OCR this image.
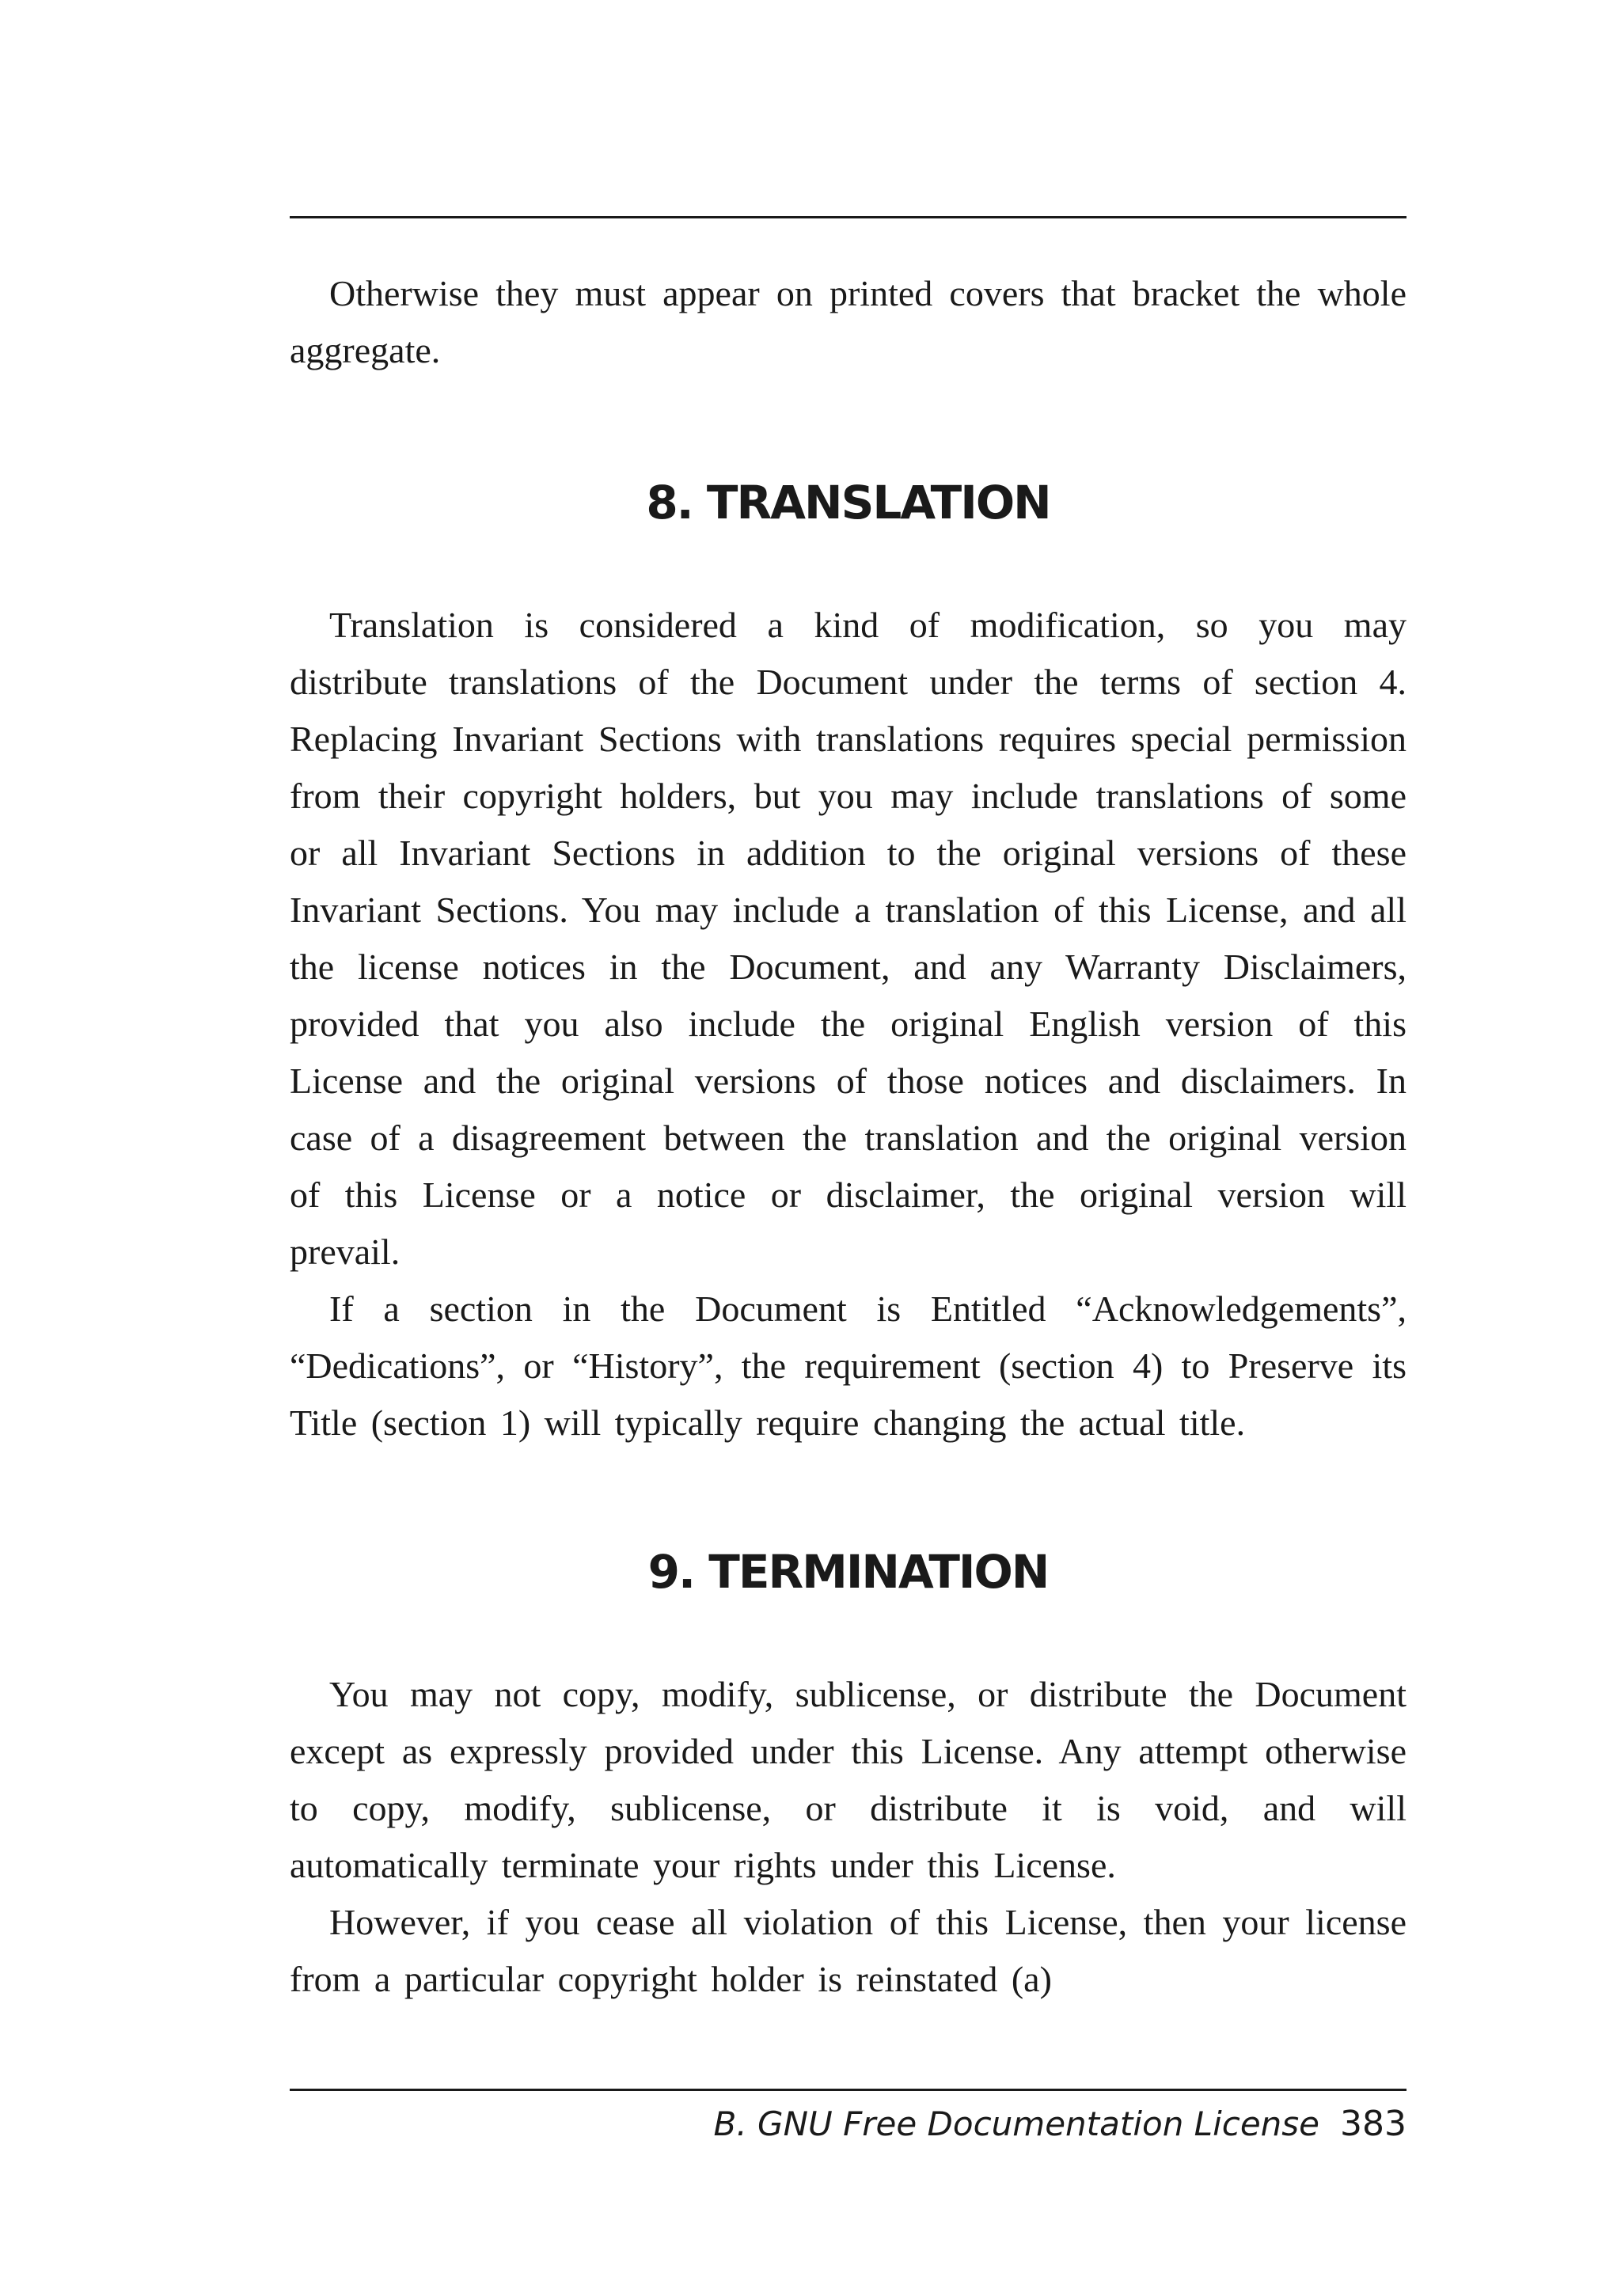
Otherwise they must appear on printed covers that bracket the whole aggregate.

8. TRANSLATION

Translation is considered a kind of modification, so you may distribute translations of the Document under the terms of section 4. Replacing Invariant Sections with translations requires special permission from their copyright holders, but you may include translations of some or all Invariant Sections in addition to the original versions of these Invariant Sections. You may include a translation of this License, and all the license notices in the Document, and any Warranty Disclaimers, provided that you also include the original English version of this License and the original versions of those notices and disclaimers. In case of a disagreement between the translation and the original version of this License or a notice or disclaimer, the original version will prevail.

If a section in the Document is Entitled “Acknowledgements”, “Dedications”, or “History”, the requirement (section 4) to Preserve its Title (section 1) will typically require changing the actual title.

9. TERMINATION

You may not copy, modify, sublicense, or distribute the Document except as expressly provided under this License. Any attempt otherwise to copy, modify, sublicense, or distribute it is void, and will automatically terminate your rights under this License.

However, if you cease all violation of this License, then your license from a particular copyright holder is reinstated (a)

B. GNU Free Documentation License 383
